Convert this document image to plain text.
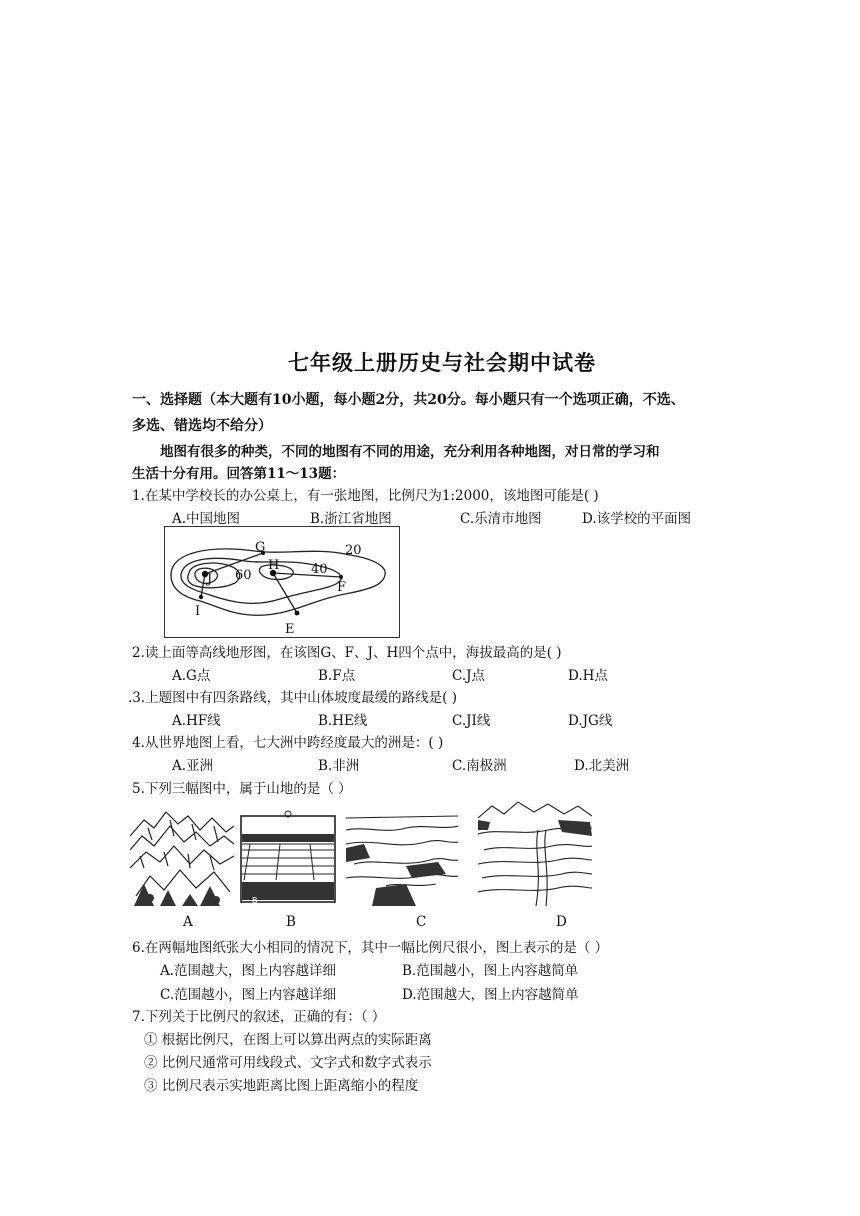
七年级上册历史与社会期中试卷
一、选择题（本大题有10小题，每小题2分，共20分。每小题只有一个选项正确，不选、
多选、错选均不给分）
地图有很多的种类，不同的地图有不同的用途，充分利用各种地图，对日常的学习和
生活十分有用。回答第11～13题：
1.在某中学校长的办公桌上，有一张地图，比例尺为1:2000，该地图可能是( )
A.中国地图	B.浙江省地图	C.乐清市地图	D.该学校的平面图
G
J
H
F
I
E
20
40
60
2.读上面等高线地形图，在该图G、F、J、H四个点中，海拔最高的是( )
A.G点	B.F点	C.J点	D.H点
.3.上题图中有四条路线，其中山体坡度最缓的路线是( )
A.HF线	B.HE线	C.JI线	D.JG线
4.从世界地图上看，七大洲中跨经度最大的洲是：( )
A.亚洲	B.非洲	C.南极洲	D.北美洲
5.下列三幅图中，属于山地的是（ ）
B
A	B	C	D
6.在两幅地图纸张大小相同的情况下，其中一幅比例尺很小，图上表示的是（ ）
A.范围越大，图上内容越详细	B.范围越小，图上内容越简单
C.范围越小，图上内容越详细	D.范围越大，图上内容越简单
7.下列关于比例尺的叙述，正确的有：（ ）
① 根据比例尺，在图上可以算出两点的实际距离
② 比例尺通常可用线段式、文字式和数字式表示
③ 比例尺表示实地距离比图上距离缩小的程度
